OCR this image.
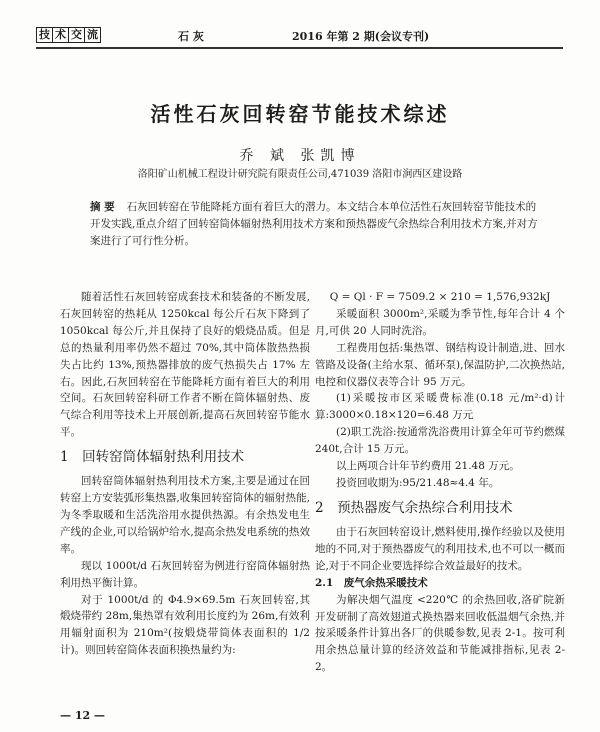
技 术 交 流	石 灰	2016 年第 2 期(会议专刊)
活性石灰回转窑节能技术综述
乔 斌 张凯博
洛阳矿山机械工程设计研究院有限责任公司,471039 洛阳市涧西区建设路
摘 要 石灰回转窑在节能降耗方面有着巨大的潜力。本文结合本单位活性石灰回转窑节能技术的开发实践,重点介绍了回转窑筒体辐射热利用技术方案和预热器废气余热综合利用技术方案,并对方案进行了可行性分析。

随着活性石灰回转窑成套技术和装备的不断发展,石灰回转窑的热耗从 1250kcal 每公斤石灰下降到了 1050kcal 每公斤,并且保持了良好的煅烧品质。但是总的热量利用率仍然不超过 70%,其中筒体散热热损失占比约 13%,预热器排放的废气热损失占 17% 左右。因此,石灰回转窑在节能降耗方面有着巨大的利用空间。石灰回转窑科研工作者不断在筒体辐射热、废气综合利用等技术上开展创新,提高石灰回转窑节能水平。

1　回转窑筒体辐射热利用技术

回转窑筒体辐射热利用技术方案,主要是通过在回转窑上方安装弧形集热器,收集回转窑筒体的辐射热能,为冬季取暖和生活洗浴用水提供热源。有余热发电生产线的企业,可以给锅炉给水,提高余热发电系统的热效率。

现以 1000t/d 石灰回转窑为例进行窑筒体辐射热利用热平衡计算。

对于 1000t/d 的 Φ4.9×69.5m 石灰回转窑,其煅烧带约 28m,集热罩有效利用长度约为 26m,有效利用辐射面积为 210m²(按煅烧带筒体表面积的 1/2 计)。则回转窑筒体表面积换热量约为:

Q = Ql · F = 7509.2 × 210 = 1,576,932kJ

采暖面积 3000m²,采暖为季节性,每年合计 4 个月,可供 20 人同时洗浴。

工程费用包括:集热罩、钢结构设计制造,进、回水管路及设备(主给水泵、循环泵),保温防护,二次换热站,电控和仪器仪表等合计 95 万元。

(1)采暖按市区采暖费标准(0.18 元/m²·d)计算:3000×0.18×120=6.48 万元

(2)职工洗浴:按通常洗浴费用计算全年可节约燃煤 240t,合计 15 万元。

以上两项合计年节约费用 21.48 万元。

投资回收期为:95/21.48≈4.4 年。

2　预热器废气余热综合利用技术

由于石灰回转窑设计,燃料使用,操作经验以及使用地的不同,对于预热器废气的利用技术,也不可以一概而论,对于不同企业要选择综合效益最好的技术。

2.1　废气余热采暖技术

为解决烟气温度 <220℃ 的余热回收,洛矿院新开发研制了高效翅道式换热器来回收低温烟气余热,并按采暖条件计算出各厂的供暖参数,见表 2-1。按可利用余热总量计算的经济效益和节能减排指标,见表 2-2。

— 12 —
